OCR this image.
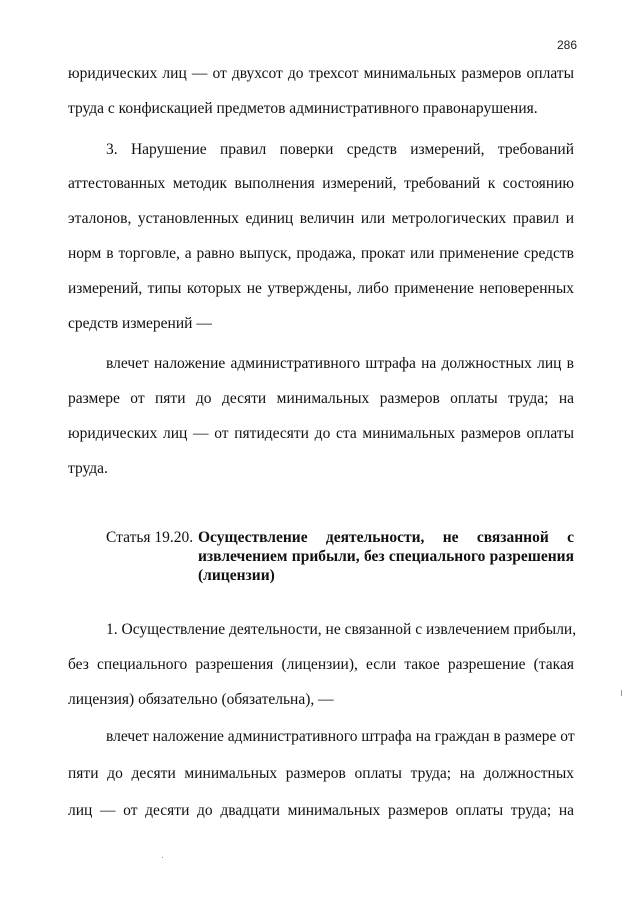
286
юридических лиц — от двухсот до трехсот минимальных размеров оплаты
труда с конфискацией предметов административного правонарушения.
3. Нарушение правил поверки средств измерений, требований
аттестованных методик выполнения измерений, требований к состоянию
эталонов, установленных единиц величин или метрологических правил и
норм в торговле, а равно выпуск, продажа, прокат или применение средств
измерений, типы которых не утверждены, либо применение неповеренных
средств измерений —
влечет наложение административного штрафа на должностных лиц в
размере от пяти до десяти минимальных размеров оплаты труда; на
юридических лиц — от пятидесяти до ста минимальных размеров оплаты
труда.
Статья 19.20. Осуществление деятельности, не связанной с
извлечением прибыли, без специального разрешения
(лицензии)
1. Осуществление деятельности, не связанной с извлечением прибыли,
без специального разрешения (лицензии), если такое разрешение (такая
лицензия) обязательно (обязательна), —
влечет наложение административного штрафа на граждан в размере от
пяти до десяти минимальных размеров оплаты труда; на должностных
лиц — от десяти до двадцати минимальных размеров оплаты труда; на
